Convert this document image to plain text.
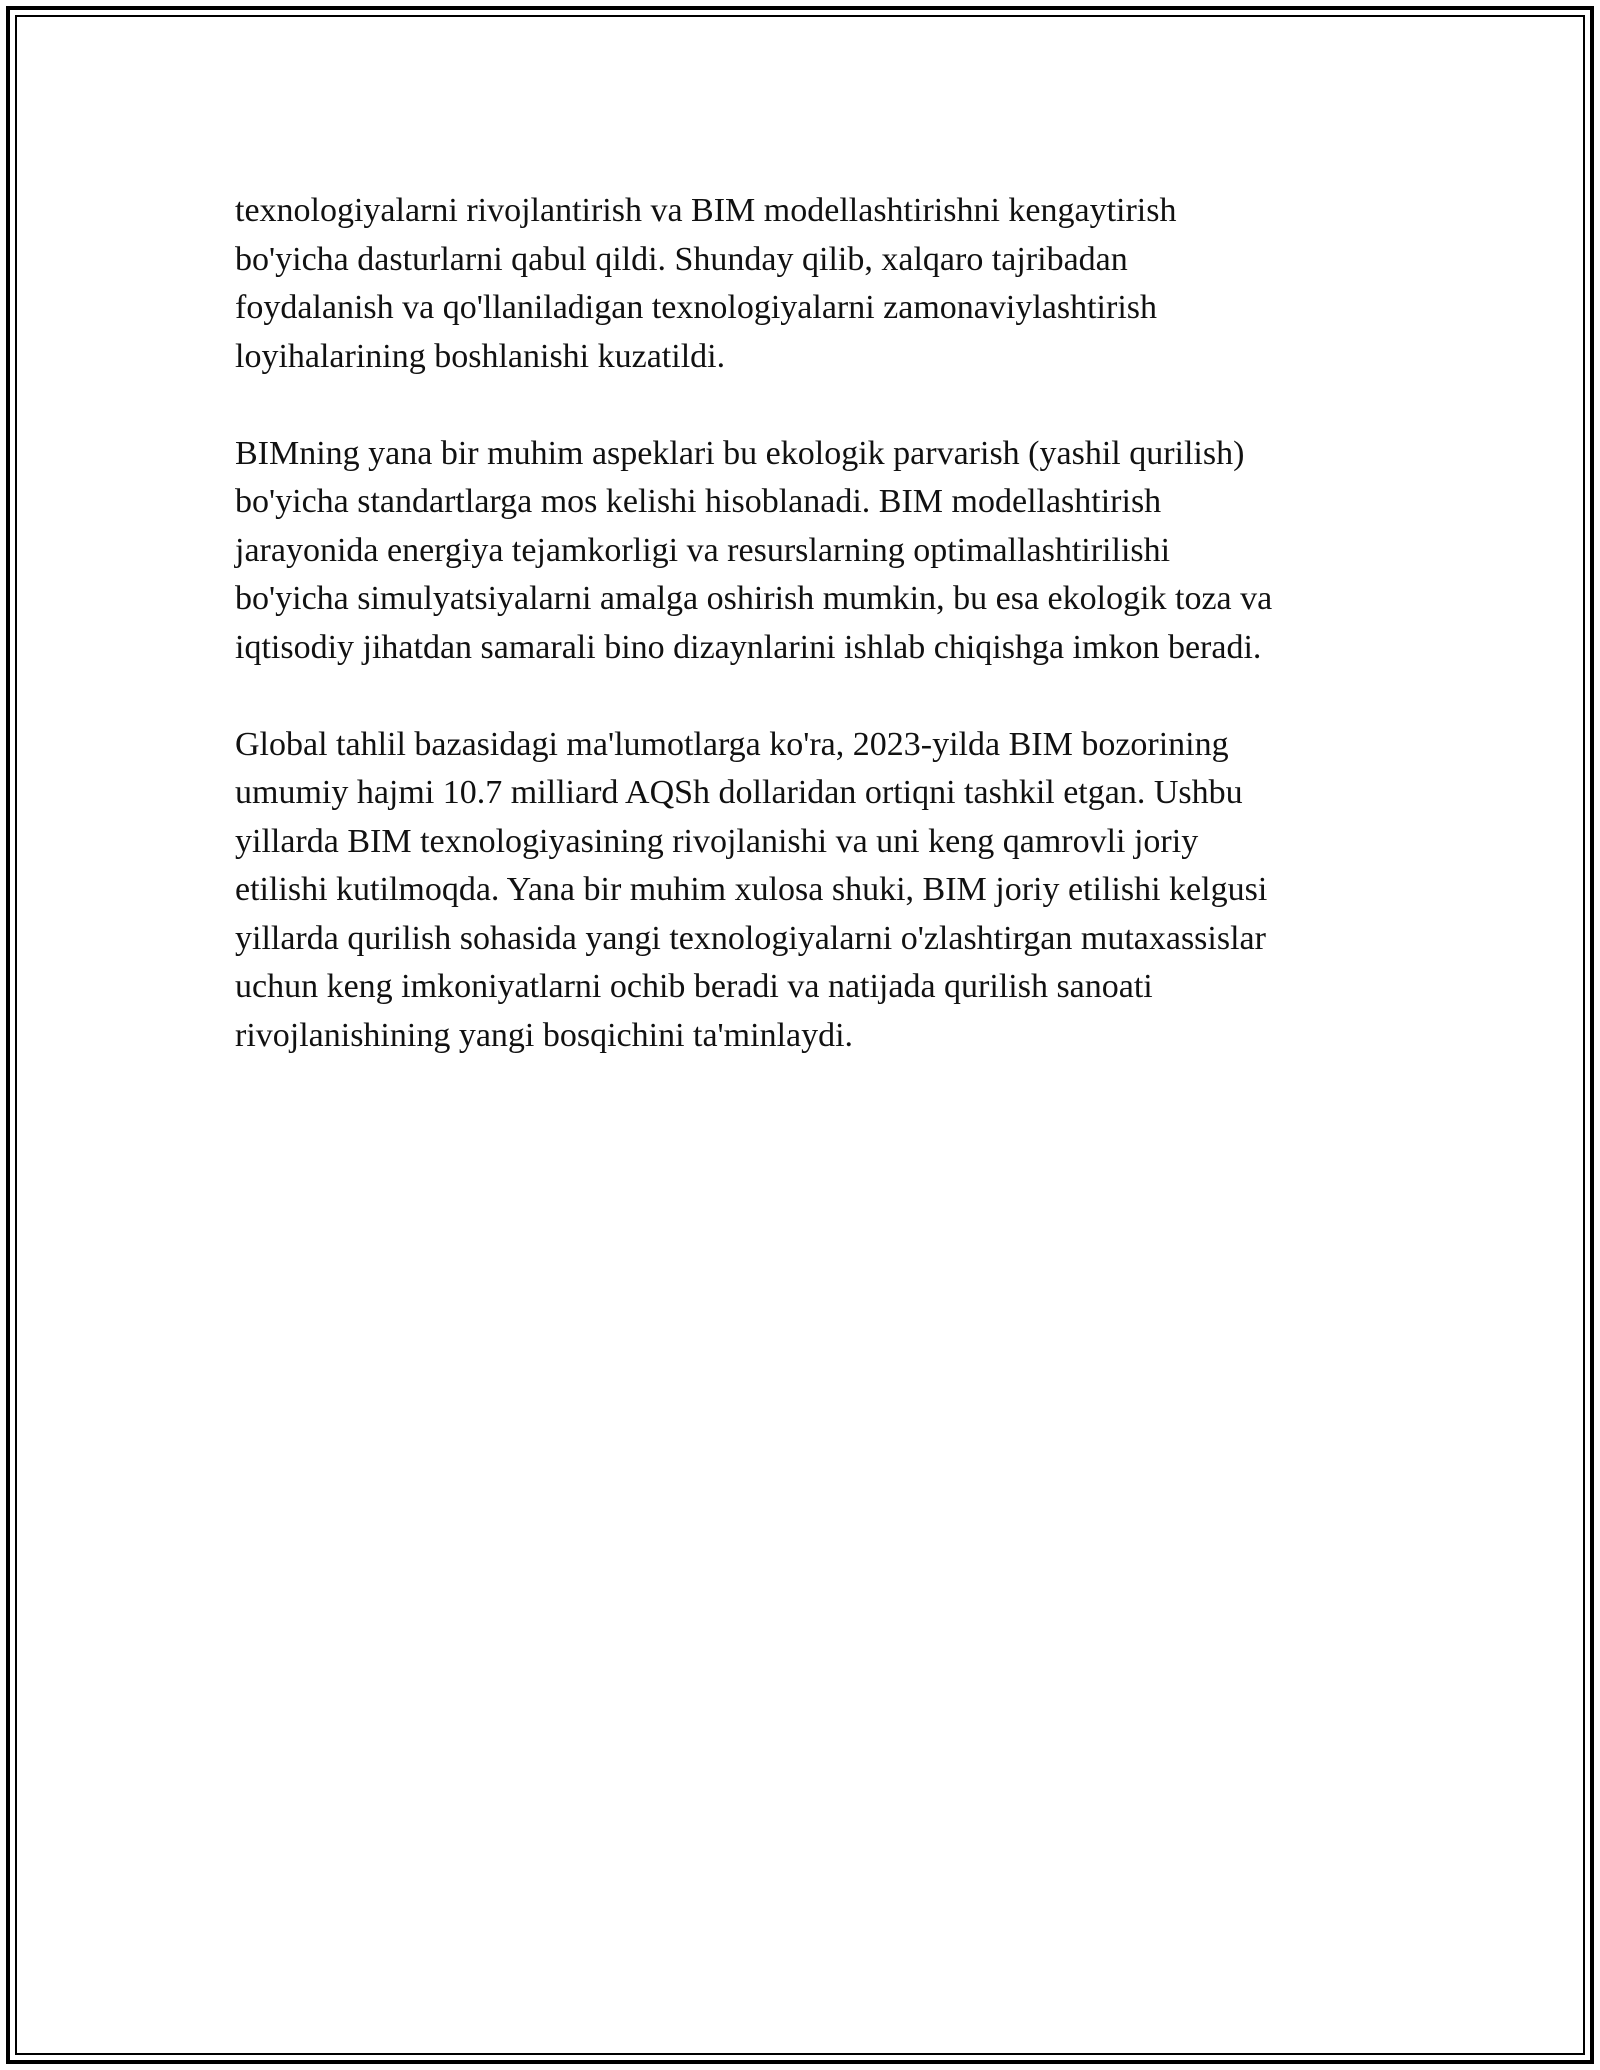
texnologiyalarni rivojlantirish va BIM modellashtirishni kengaytirish
bo'yicha dasturlarni qabul qildi. Shunday qilib, xalqaro tajribadan
foydalanish va qo'llaniladigan texnologiyalarni zamonaviylashtirish
loyihalarining boshlanishi kuzatildi.

BIMning yana bir muhim aspeklari bu ekologik parvarish (yashil qurilish)
bo'yicha standartlarga mos kelishi hisoblanadi. BIM modellashtirish
jarayonida energiya tejamkorligi va resurslarning optimallashtirilishi
bo'yicha simulyatsiyalarni amalga oshirish mumkin, bu esa ekologik toza va
iqtisodiy jihatdan samarali bino dizaynlarini ishlab chiqishga imkon beradi.

Global tahlil bazasidagi ma'lumotlarga ko'ra, 2023-yilda BIM bozorining
umumiy hajmi 10.7 milliard AQSh dollaridan ortiqni tashkil etgan. Ushbu
yillarda BIM texnologiyasining rivojlanishi va uni keng qamrovli joriy
etilishi kutilmoqda. Yana bir muhim xulosa shuki, BIM joriy etilishi kelgusi
yillarda qurilish sohasida yangi texnologiyalarni o'zlashtirgan mutaxassislar
uchun keng imkoniyatlarni ochib beradi va natijada qurilish sanoati
rivojlanishining yangi bosqichini ta'minlaydi.
